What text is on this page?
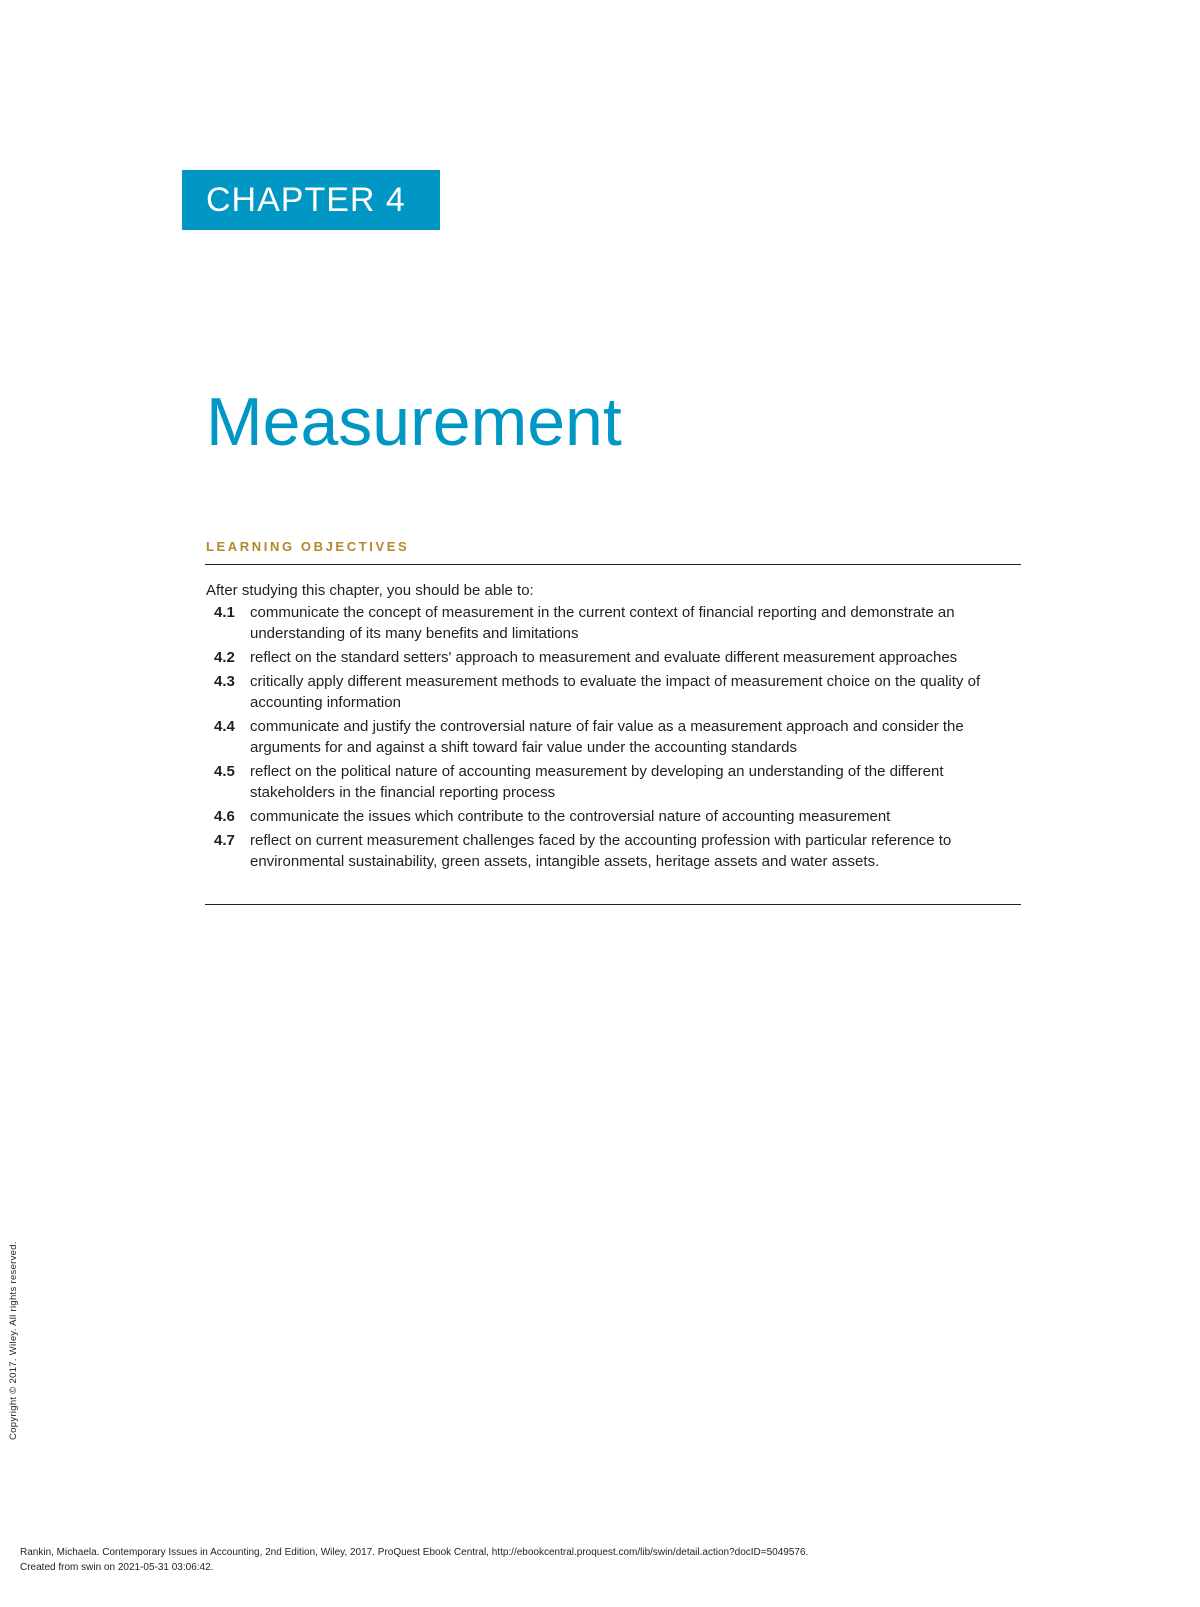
CHAPTER 4
Measurement
LEARNING OBJECTIVES

After studying this chapter, you should be able to:

4.1	communicate the concept of measurement in the current context of financial reporting and demonstrate an understanding of its many benefits and limitations
4.2	reflect on the standard setters' approach to measurement and evaluate different measurement approaches
4.3	critically apply different measurement methods to evaluate the impact of measurement choice on the quality of accounting information
4.4	communicate and justify the controversial nature of fair value as a measurement approach and consider the arguments for and against a shift toward fair value under the accounting standards
4.5	reflect on the political nature of accounting measurement by developing an understanding of the different stakeholders in the financial reporting process
4.6	communicate the issues which contribute to the controversial nature of accounting measurement
4.7	reflect on current measurement challenges faced by the accounting profession with particular reference to environmental sustainability, green assets, intangible assets, heritage assets and water assets.
Copyright © 2017. Wiley. All rights reserved.
Rankin, Michaela. Contemporary Issues in Accounting, 2nd Edition, Wiley, 2017. ProQuest Ebook Central, http://ebookcentral.proquest.com/lib/swin/detail.action?docID=5049576.
Created from swin on 2021-05-31 03:06:42.
